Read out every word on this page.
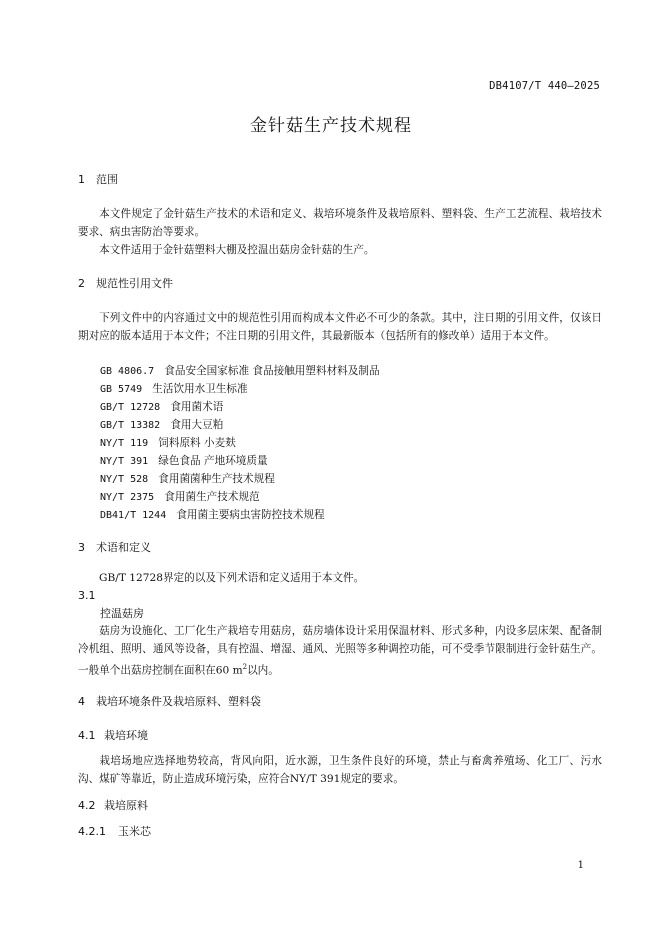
DB4107/T 440—2025
金针菇生产技术规程
1 范围
本文件规定了金针菇生产技术的术语和定义、栽培环境条件及栽培原料、塑料袋、生产工艺流程、栽培技术要求、病虫害防治等要求。
本文件适用于金针菇塑料大棚及控温出菇房金针菇的生产。
2 规范性引用文件
下列文件中的内容通过文中的规范性引用而构成本文件必不可少的条款。其中，注日期的引用文件，仅该日期对应的版本适用于本文件；不注日期的引用文件，其最新版本（包括所有的修改单）适用于本文件。
GB 4806.7 食品安全国家标准 食品接触用塑料材料及制品
GB 5749 生活饮用水卫生标准
GB/T 12728 食用菌术语
GB/T 13382 食用大豆粕
NY/T 119 饲料原料 小麦麸
NY/T 391 绿色食品 产地环境质量
NY/T 528 食用菌菌种生产技术规程
NY/T 2375 食用菌生产技术规范
DB41/T 1244 食用菌主要病虫害防控技术规程
3 术语和定义
GB/T 12728界定的以及下列术语和定义适用于本文件。
3.1
控温菇房
菇房为设施化、工厂化生产栽培专用菇房，菇房墙体设计采用保温材料、形式多种，内设多层床架、配备制冷机组、照明、通风等设备，具有控温、增湿、通风、光照等多种调控功能，可不受季节限制进行金针菇生产。一般单个出菇房控制在面积在60 $m^2$以内。
4 栽培环境条件及栽培原料、塑料袋
4.1 栽培环境
栽培场地应选择地势较高，背风向阳，近水源，卫生条件良好的环境，禁止与畜禽养殖场、化工厂、污水沟、煤矿等靠近，防止造成环境污染，应符合NY/T 391规定的要求。
4.2 栽培原料
4.2.1 玉米芯
1
